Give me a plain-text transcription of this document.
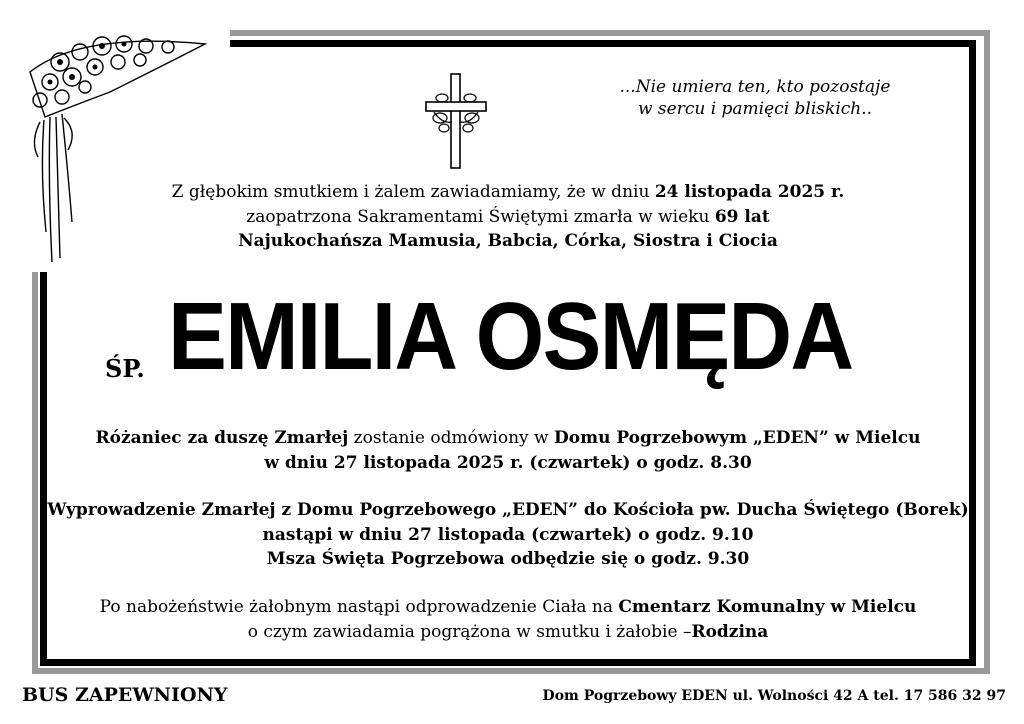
...Nie umiera ten, kto pozostaje
w sercu i pamięci bliskich..
Z głębokim smutkiem i żalem zawiadamiamy, że w dniu 24 listopada 2025 r.
zaopatrzona Sakramentami Świętymi zmarła w wieku 69 lat
Najukochańsza Mamusia, Babcia, Córka, Siostra i Ciocia
ŚP. EMILIA OSMĘDA
Różaniec za duszę Zmarłej zostanie odmówiony w Domu Pogrzebowym „EDEN” w Mielcu
w dniu 27 listopada 2025 r. (czwartek) o godz. 8.30
Wyprowadzenie Zmarłej z Domu Pogrzebowego „EDEN” do Kościoła pw. Ducha Świętego (Borek)
nastąpi w dniu 27 listopada (czwartek) o godz. 9.10
Msza Święta Pogrzebowa odbędzie się o godz. 9.30
Po nabożeństwie żałobnym nastąpi odprowadzenie Ciała na Cmentarz Komunalny w Mielcu
o czym zawiadamia pogrążona w smutku i żałobie –Rodzina
BUS ZAPEWNIONY	Dom Pogrzebowy EDEN ul. Wolności 42 A tel. 17 586 32 97
